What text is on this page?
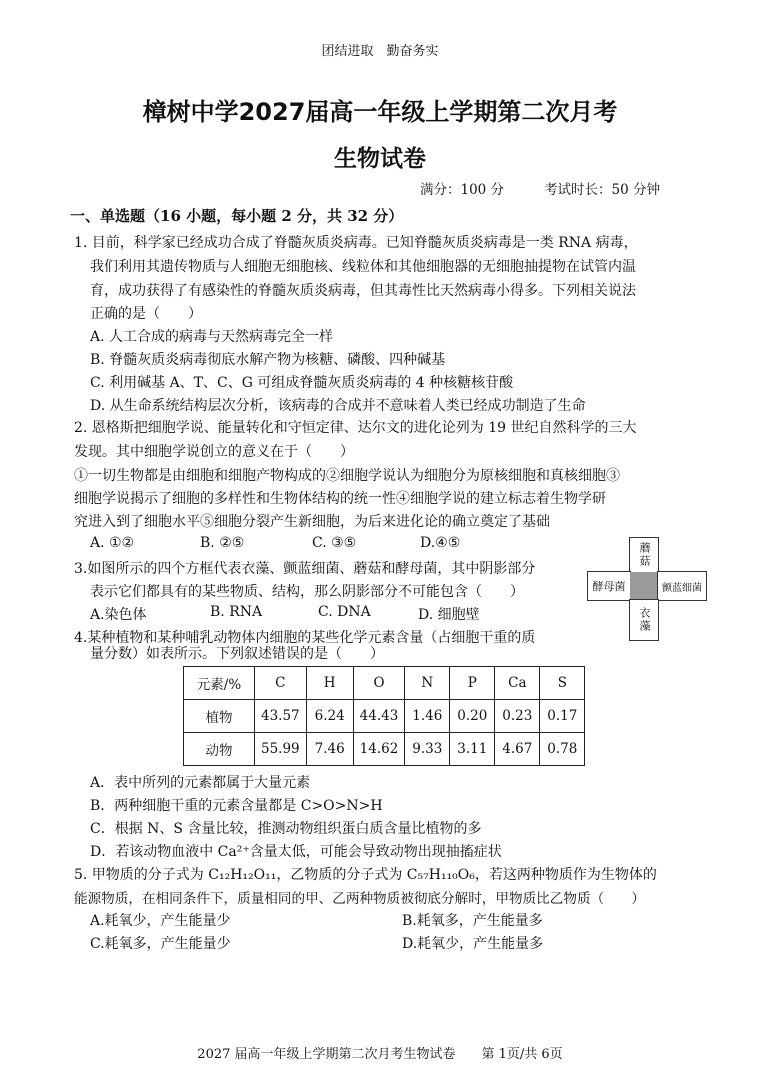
团结进取　勤奋务实
樟树中学2027届高一年级上学期第二次月考
生物试卷
满分：100 分	考试时长：50 分钟
一、单选题（16 小题，每小题 2 分，共 32 分）
1. 目前，科学家已经成功合成了脊髓灰质炎病毒。已知脊髓灰质炎病毒是一类 RNA 病毒，
我们利用其遗传物质与人细胞无细胞核、线粒体和其他细胞器的无细胞抽提物在试管内温
育，成功获得了有感染性的脊髓灰质炎病毒，但其毒性比天然病毒小得多。下列相关说法
正确的是（　　）
A. 人工合成的病毒与天然病毒完全一样
B. 脊髓灰质炎病毒彻底水解产物为核糖、磷酸、四种碱基
C. 利用碱基 A、T、C、G 可组成脊髓灰质炎病毒的 4 种核糖核苷酸
D. 从生命系统结构层次分析，该病毒的合成并不意味着人类已经成功制造了生命
2. 恩格斯把细胞学说、能量转化和守恒定律、达尔文的进化论列为 19 世纪自然科学的三大
发现。其中细胞学说创立的意义在于（　　）
①一切生物都是由细胞和细胞产物构成的②细胞学说认为细胞分为原核细胞和真核细胞③
细胞学说揭示了细胞的多样性和生物体结构的统一性④细胞学说的建立标志着生物学研
究进入到了细胞水平⑤细胞分裂产生新细胞，为后来进化论的确立奠定了基础
A. ①②	B. ②⑤	C. ③⑤	D.④⑤
3.如图所示的四个方框代表衣藻、颤蓝细菌、蘑菇和酵母菌，其中阴影部分
表示它们都具有的某些物质、结构，那么阴影部分不可能包含（　　）
A.染色体	B. RNA	C. DNA	D. 细胞壁
蘑菇
酵母菌	颤蓝细菌
衣藻
4.某种植物和某种哺乳动物体内细胞的某些化学元素含量（占细胞干重的质
量分数）如表所示。下列叙述错误的是（　　）
元素/%	C	H	O	N	P	Ca	S
植物	43.57	6.24	44.43	1.46	0.20	0.23	0.17
动物	55.99	7.46	14.62	9.33	3.11	4.67	0.78
A．表中所列的元素都属于大量元素
B．两种细胞干重的元素含量都是 C>O>N>H
C．根据 N、S 含量比较，推测动物组织蛋白质含量比植物的多
D．若该动物血液中 Ca²⁺含量太低，可能会导致动物出现抽搐症状
5. 甲物质的分子式为 C₁₂H₁₂O₁₁，乙物质的分子式为 C₅₇H₁₁₀O₆，若这两种物质作为生物体的
能源物质，在相同条件下，质量相同的甲、乙两种物质被彻底分解时，甲物质比乙物质（　　）
A.耗氧少，产生能量少	B.耗氧多，产生能量多
C.耗氧多，产生能量少	D.耗氧少，产生能量多
2027 届高一年级上学期第二次月考生物试卷　　第 1页/共 6页
